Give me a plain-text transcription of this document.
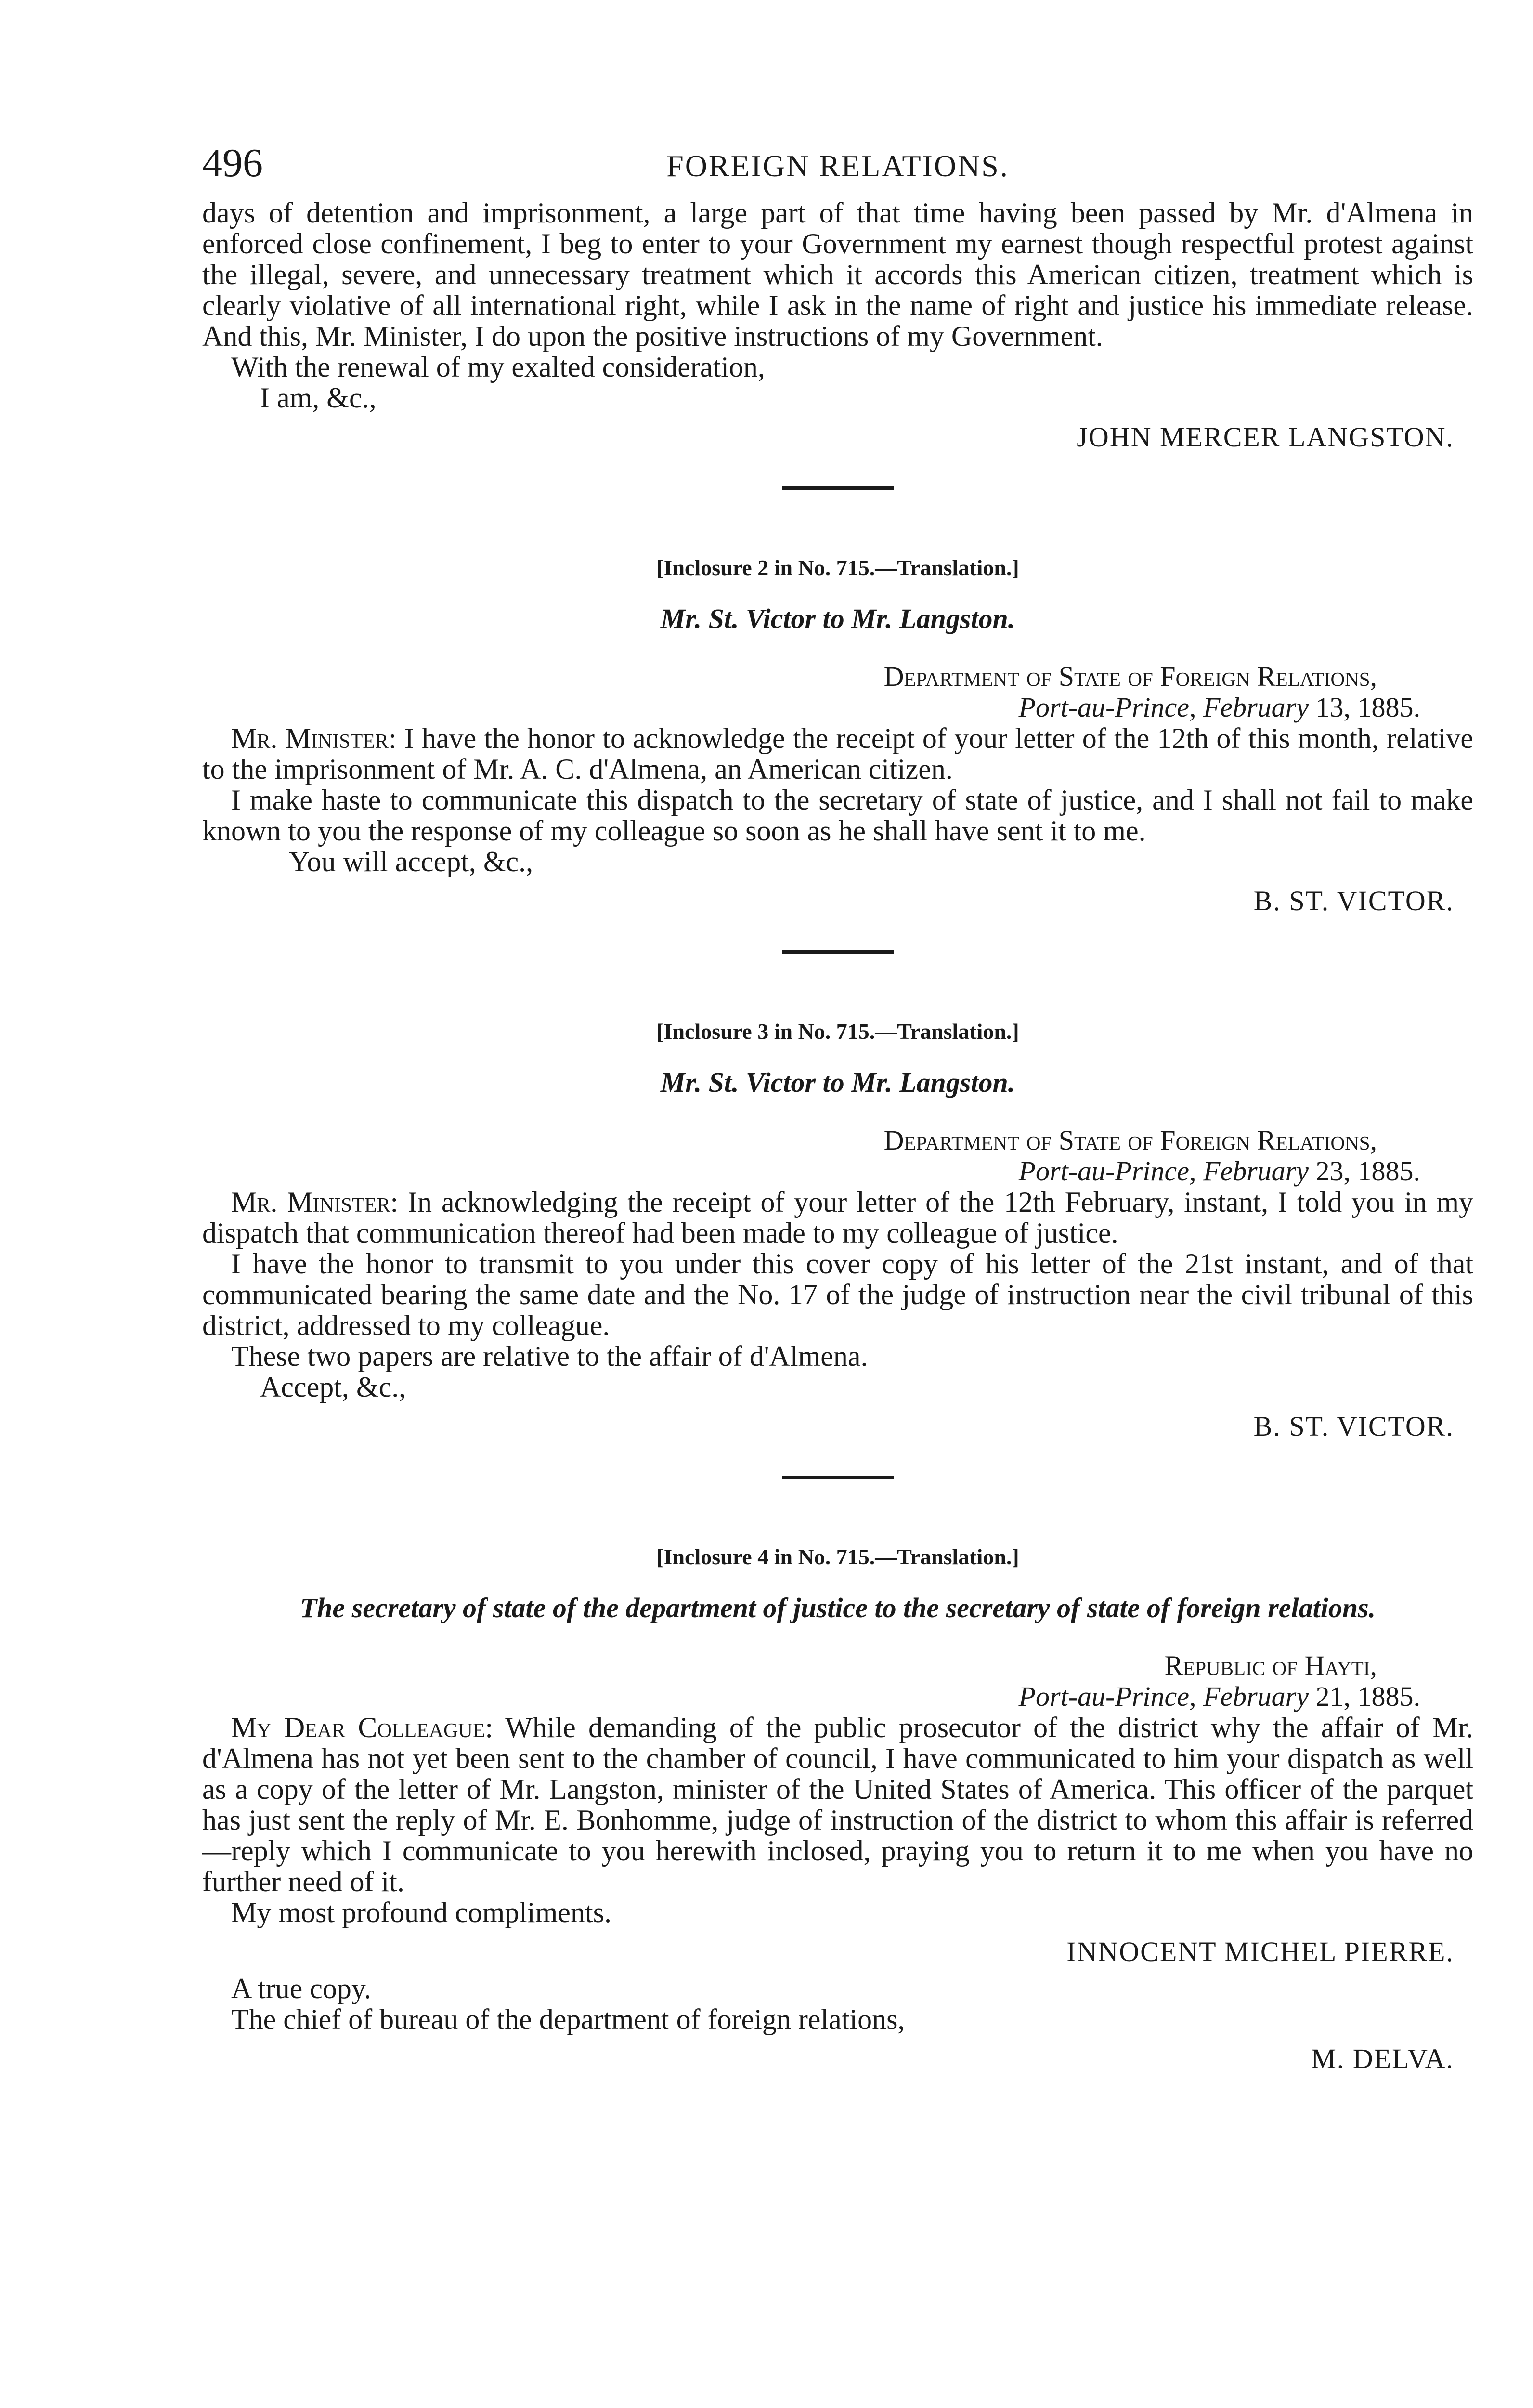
496	FOREIGN RELATIONS.

days of detention and imprisonment, a large part of that time having been passed by Mr. d'Almena in enforced close confinement, I beg to enter to your Government my earnest though respectful protest against the illegal, severe, and unnecessary treatment which it accords this American citizen, treatment which is clearly violative of all international right, while I ask in the name of right and justice his immediate release. And this, Mr. Minister, I do upon the positive instructions of my Government.

With the renewal of my exalted consideration,

I am, &c.,

JOHN MERCER LANGSTON.

[Inclosure 2 in No. 715.—Translation.]

Mr. St. Victor to Mr. Langston.

Department of State of Foreign Relations,

Port-au-Prince, February 13, 1885.

Mr. Minister: I have the honor to acknowledge the receipt of your letter of the 12th of this month, relative to the imprisonment of Mr. A. C. d'Almena, an American citizen.

I make haste to communicate this dispatch to the secretary of state of justice, and I shall not fail to make known to you the response of my colleague so soon as he shall have sent it to me.

You will accept, &c.,

B. ST. VICTOR.

[Inclosure 3 in No. 715.—Translation.]

Mr. St. Victor to Mr. Langston.

Department of State of Foreign Relations,

Port-au-Prince, February 23, 1885.

Mr. Minister: In acknowledging the receipt of your letter of the 12th February, instant, I told you in my dispatch that communication thereof had been made to my colleague of justice.

I have the honor to transmit to you under this cover copy of his letter of the 21st instant, and of that communicated bearing the same date and the No. 17 of the judge of instruction near the civil tribunal of this district, addressed to my colleague.

These two papers are relative to the affair of d'Almena.

Accept, &c.,

B. ST. VICTOR.

[Inclosure 4 in No. 715.—Translation.]

The secretary of state of the department of justice to the secretary of state of foreign relations.

Republic of Hayti,

Port-au-Prince, February 21, 1885.

My Dear Colleague: While demanding of the public prosecutor of the district why the affair of Mr. d'Almena has not yet been sent to the chamber of council, I have communicated to him your dispatch as well as a copy of the letter of Mr. Langston, minister of the United States of America. This officer of the parquet has just sent the reply of Mr. E. Bonhomme, judge of instruction of the district to whom this affair is referred—reply which I communicate to you herewith inclosed, praying you to return it to me when you have no further need of it.

My most profound compliments.

INNOCENT MICHEL PIERRE.

A true copy.

The chief of bureau of the department of foreign relations,

M. DELVA.
